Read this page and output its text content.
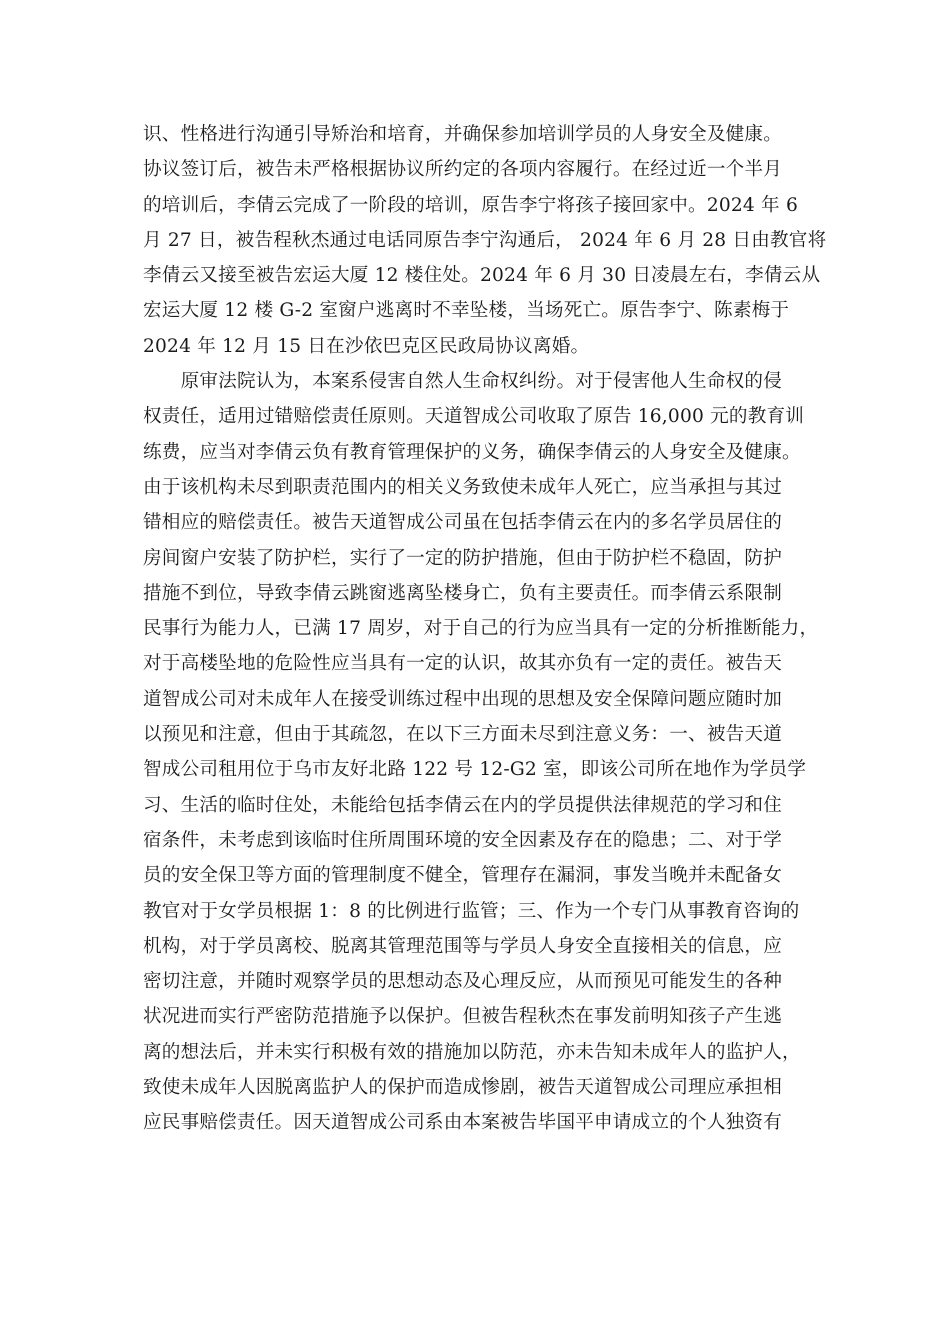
识、性格进行沟通引导矫治和培育，并确保参加培训学员的人身安全及健康。
协议签订后，被告未严格根据协议所约定的各项内容履行。在经过近一个半月
的培训后，李倩云完成了一阶段的培训，原告李宁将孩子接回家中。2024 年 6
月 27 日，被告程秋杰通过电话同原告李宁沟通后， 2024 年 6 月 28 日由教官将
李倩云又接至被告宏运大厦 12 楼住处。2024 年 6 月 30 日凌晨左右，李倩云从
宏运大厦 12 楼 G-2 室窗户逃离时不幸坠楼，当场死亡。原告李宁、陈素梅于
2024 年 12 月 15 日在沙依巴克区民政局协议离婚。
　　原审法院认为，本案系侵害自然人生命权纠纷。对于侵害他人生命权的侵
权责任，适用过错赔偿责任原则。天道智成公司收取了原告 16,000 元的教育训
练费，应当对李倩云负有教育管理保护的义务，确保李倩云的人身安全及健康。
由于该机构未尽到职责范围内的相关义务致使未成年人死亡，应当承担与其过
错相应的赔偿责任。被告天道智成公司虽在包括李倩云在内的多名学员居住的
房间窗户安装了防护栏，实行了一定的防护措施，但由于防护栏不稳固，防护
措施不到位，导致李倩云跳窗逃离坠楼身亡，负有主要责任。而李倩云系限制
民事行为能力人，已满 17 周岁，对于自己的行为应当具有一定的分析推断能力，
对于高楼坠地的危险性应当具有一定的认识，故其亦负有一定的责任。被告天
道智成公司对未成年人在接受训练过程中出现的思想及安全保障问题应随时加
以预见和注意，但由于其疏忽，在以下三方面未尽到注意义务：一、被告天道
智成公司租用位于乌市友好北路 122 号 12-G2 室，即该公司所在地作为学员学
习、生活的临时住处，未能给包括李倩云在内的学员提供法律规范的学习和住
宿条件，未考虑到该临时住所周围环境的安全因素及存在的隐患；二、对于学
员的安全保卫等方面的管理制度不健全，管理存在漏洞，事发当晚并未配备女
教官对于女学员根据 1：8 的比例进行监管；三、作为一个专门从事教育咨询的
机构，对于学员离校、脱离其管理范围等与学员人身安全直接相关的信息，应
密切注意，并随时观察学员的思想动态及心理反应，从而预见可能发生的各种
状况进而实行严密防范措施予以保护。但被告程秋杰在事发前明知孩子产生逃
离的想法后，并未实行积极有效的措施加以防范，亦未告知未成年人的监护人，
致使未成年人因脱离监护人的保护而造成惨剧，被告天道智成公司理应承担相
应民事赔偿责任。因天道智成公司系由本案被告毕国平申请成立的个人独资有
